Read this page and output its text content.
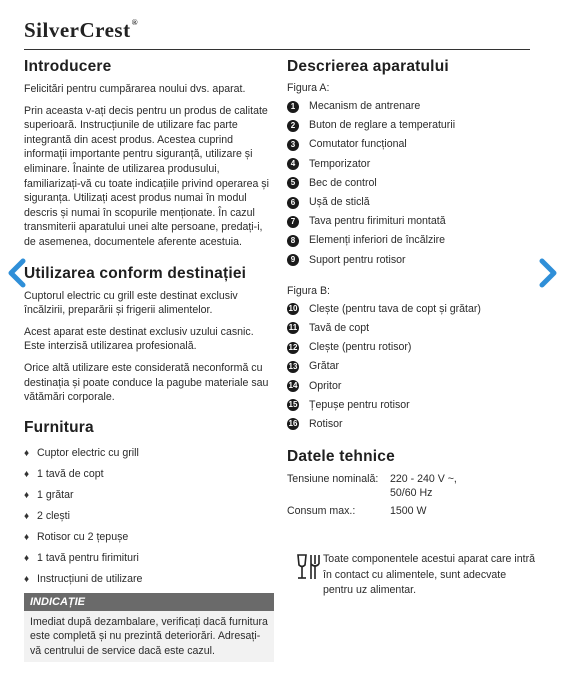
SilverCrest®
Introducere

Felicitări pentru cumpărarea noului dvs. aparat.

Prin aceasta v-ați decis pentru un produs de calitate superioară. Instrucțiunile de utilizare fac parte integrantă din acest produs. Acestea cuprind informații importante pentru siguranță, utilizare și eliminare. Înainte de utilizarea produsului, familiarizați-vă cu toate indicațiile privind operarea și siguranța. Utilizați acest produs numai în modul descris și numai în scopurile menționate. În cazul transmiterii aparatului unei alte persoane, predați-i, de asemenea, documentele aferente acestuia.

Utilizarea conform destinației

Cuptorul electric cu grill este destinat exclusiv încălzirii, preparării și frigerii alimentelor.

Acest aparat este destinat exclusiv uzului casnic. Este interzisă utilizarea profesională.

Orice altă utilizare este considerată neconformă cu destinația și poate conduce la pagube materiale sau vătămări corporale.

Furnitura
♦ Cuptor electric cu grill
♦ 1 tavă de copt
♦ 1 grătar
♦ 2 clești
♦ Rotisor cu 2 țepușe
♦ 1 tavă pentru firimituri
♦ Instrucțiuni de utilizare
INDICAȚIE
Imediat după dezambalare, verificați dacă furnitura este completă și nu prezintă deteriorări. Adresați-vă centrului de service dacă este cazul.
Descrierea aparatului
Figura A:
1	Mecanism de antrenare
2	Buton de reglare a temperaturii
3	Comutator funcțional
4	Temporizator
5	Bec de control
6	Ușă de sticlă
7	Tava pentru firimituri montată
8	Elemenți inferiori de încălzire
9	Suport pentru rotisor
Figura B:
10 Clește (pentru tava de copt și grătar)
11 Tavă de copt
12 Clește (pentru rotisor)
13 Grătar
14 Opritor
15 Țepușe pentru rotisor
16 Rotisor
Datele tehnice
Tensiune nominală:	220 - 240 V ~,
50/60 Hz
Consum max.:	1500 W

Toate componentele acestui aparat care intră în contact cu alimentele, sunt adecvate pentru uz alimentar.
